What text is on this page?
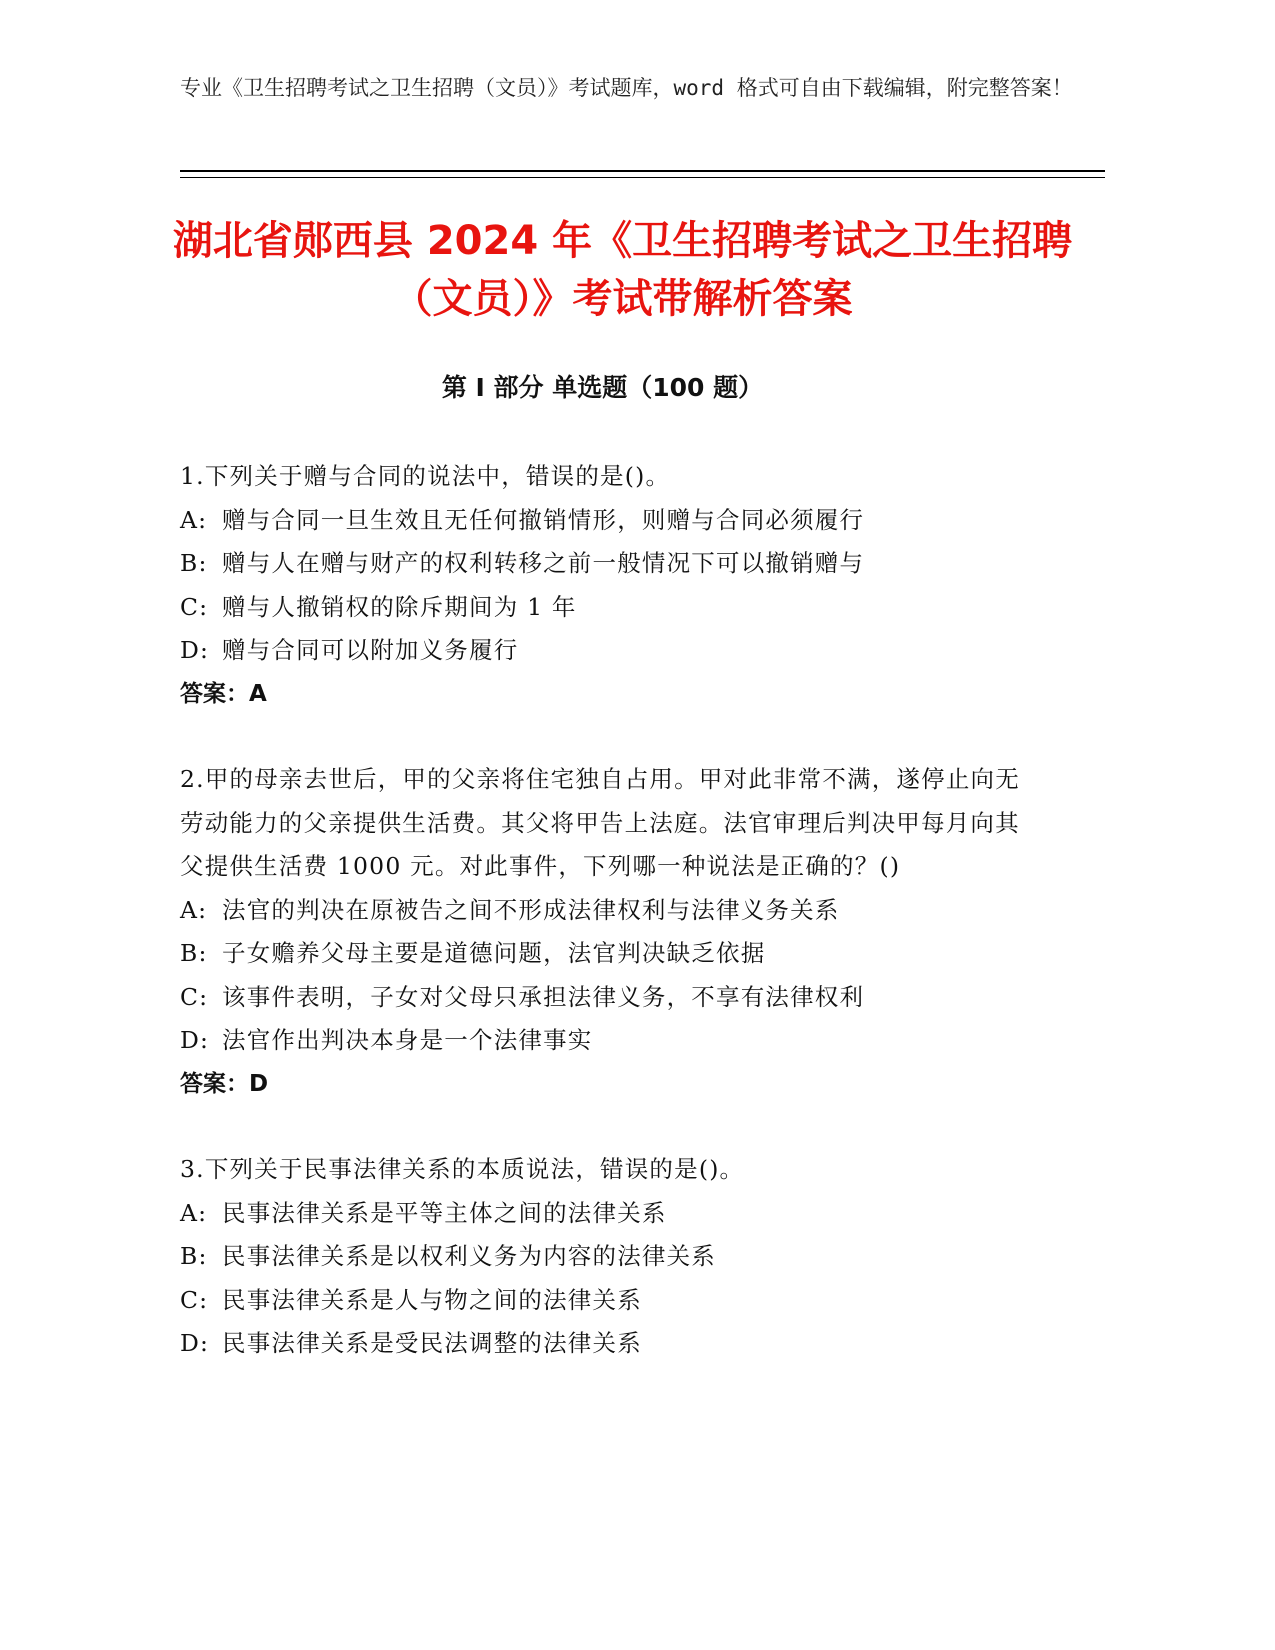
专业《卫生招聘考试之卫生招聘（文员）》考试题库，word 格式可自由下载编辑，附完整答案！
湖北省郧西县 2024 年《卫生招聘考试之卫生招聘（文员）》考试带解析答案
第 I 部分 单选题（100 题）
1.下列关于赠与合同的说法中，错误的是()。
A: 赠与合同一旦生效且无任何撤销情形，则赠与合同必须履行
B: 赠与人在赠与财产的权利转移之前一般情况下可以撤销赠与
C: 赠与人撤销权的除斥期间为 1 年
D: 赠与合同可以附加义务履行
答案：A
2.甲的母亲去世后，甲的父亲将住宅独自占用。甲对此非常不满，遂停止向无劳动能力的父亲提供生活费。其父将甲告上法庭。法官审理后判决甲每月向其父提供生活费 1000 元。对此事件，下列哪一种说法是正确的？()
A: 法官的判决在原被告之间不形成法律权利与法律义务关系
B: 子女赡养父母主要是道德问题，法官判决缺乏依据
C: 该事件表明，子女对父母只承担法律义务，不享有法律权利
D: 法官作出判决本身是一个法律事实
答案：D
3.下列关于民事法律关系的本质说法，错误的是()。
A: 民事法律关系是平等主体之间的法律关系
B: 民事法律关系是以权利义务为内容的法律关系
C: 民事法律关系是人与物之间的法律关系
D: 民事法律关系是受民法调整的法律关系
